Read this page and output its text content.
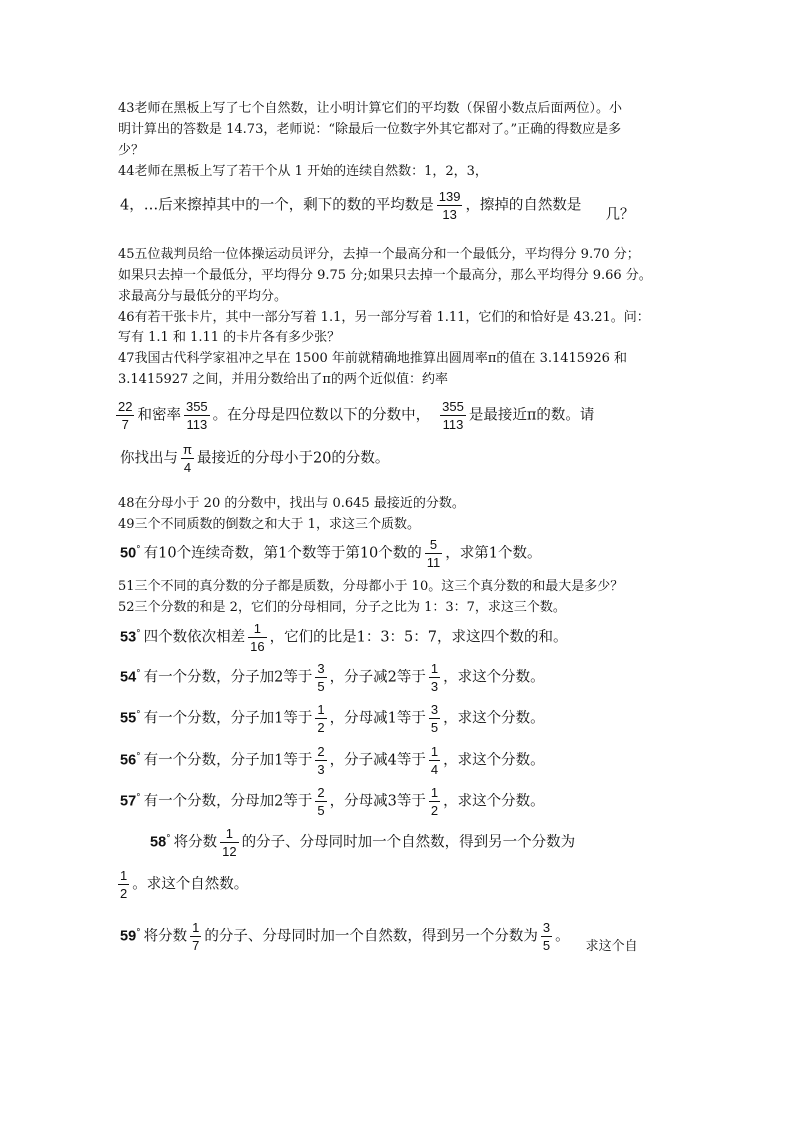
43老师在黑板上写了七个自然数，让小明计算它们的平均数（保留小数点后面两位）。小
明计算出的答数是 14.73，老师说：“除最后一位数字外其它都对了。”正确的得数应是多
少？
44老师在黑板上写了若干个从 1 开始的连续自然数：1，2，3，
4，…后来擦掉其中的一个，剩下的数的平均数是 $\frac{139}{13}$ ，擦掉的自然数是几？
45五位裁判员给一位体操运动员评分，去掉一个最高分和一个最低分，平均得分 9.70 分；
如果只去掉一个最低分，平均得分 9.75 分;如果只去掉一个最高分，那么平均得分 9.66 分。
求最高分与最低分的平均分。
46有若干张卡片，其中一部分写着 1.1，另一部分写着 1.11，它们的和恰好是 43.21。问：
写有 1.1 和 1.11 的卡片各有多少张？
47我国古代科学家祖冲之早在 1500 年前就精确地推算出圆周率π的值在 3.1415926 和
3.1415927 之间，并用分数给出了π的两个近似值：约率
$\frac{22}{7}$ 和密率 $\frac{355}{113}$ 。在分母是四位数以下的分数中， $\frac{355}{113}$ 是最接近π的数。请
你找出与 $\frac{\pi}{4}$ 最接近的分母小于20的分数。
48在分母小于 20 的分数中，找出与 0.645 最接近的分数。
49三个不同质数的倒数之和大于 1，求这三个质数。
50° 有10个连续奇数，第1个数等于第10个数的 $\frac{5}{11}$ ，求第1个数。
51三个不同的真分数的分子都是质数，分母都小于 10。这三个真分数的和最大是多少？
52三个分数的和是 2，它们的分母相同，分子之比为 1：3：7，求这三个数。
53° 四个数依次相差 $\frac{1}{16}$ ，它们的比是1：3：5：7，求这四个数的和。
54° 有一个分数，分子加2等于 $\frac{3}{5}$ ，分子减2等于 $\frac{1}{3}$ ，求这个分数。
55° 有一个分数，分子加1等于 $\frac{1}{2}$ ，分母减1等于 $\frac{3}{5}$ ，求这个分数。
56° 有一个分数，分子加1等于 $\frac{2}{3}$ ，分子减4等于 $\frac{1}{4}$ ，求这个分数。
57° 有一个分数，分母加2等于 $\frac{2}{5}$ ，分母减3等于 $\frac{1}{2}$ ，求这个分数。
58° 将分数 $\frac{1}{12}$ 的分子、分母同时加一个自然数，得到另一个分数为
$\frac{1}{2}$ 。求这个自然数。
59° 将分数 $\frac{1}{7}$ 的分子、分母同时加一个自然数，得到另一个分数为 $\frac{3}{5}$ 。求这个自
